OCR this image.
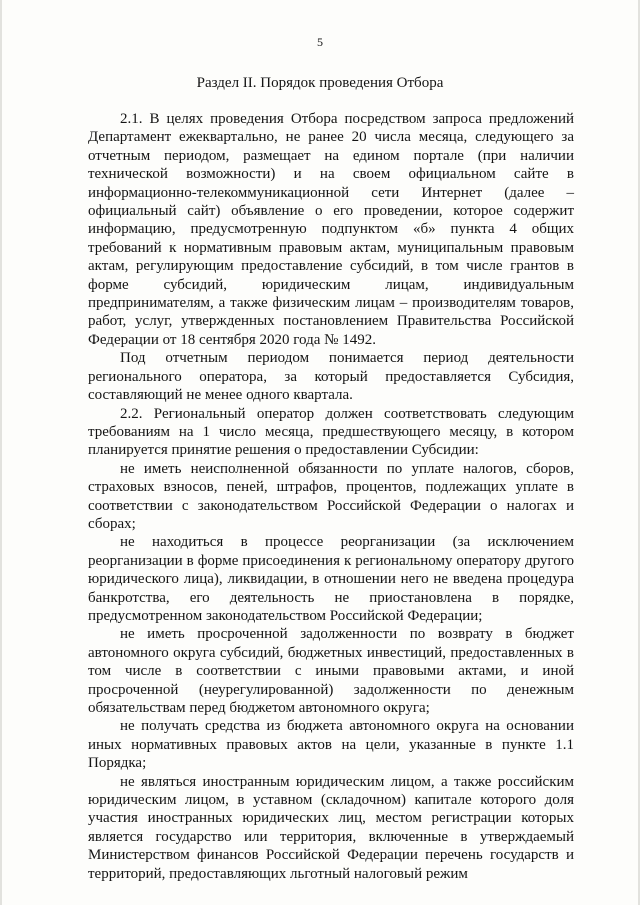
5
Раздел II. Порядок проведения Отбора

2.1. В целях проведения Отбора посредством запроса предложений Департамент ежеквартально, не ранее 20 числа месяца, следующего за отчетным периодом, размещает на едином портале (при наличии технической возможности) и на своем официальном сайте в информационно-телекоммуникационной сети Интернет (далее – официальный сайт) объявление о его проведении, которое содержит информацию, предусмотренную подпунктом «б» пункта 4 общих требований к нормативным правовым актам, муниципальным правовым актам, регулирующим предоставление субсидий, в том числе грантов в форме субсидий, юридическим лицам, индивидуальным предпринимателям, а также физическим лицам – производителям товаров, работ, услуг, утвержденных постановлением Правительства Российской Федерации от 18 сентября 2020 года № 1492.

Под отчетным периодом понимается период деятельности регионального оператора, за который предоставляется Субсидия, составляющий не менее одного квартала.

2.2. Региональный оператор должен соответствовать следующим требованиям на 1 число месяца, предшествующего месяцу, в котором планируется принятие решения о предоставлении Субсидии:

не иметь неисполненной обязанности по уплате налогов, сборов, страховых взносов, пеней, штрафов, процентов, подлежащих уплате в соответствии с законодательством Российской Федерации о налогах и сборах;

не находиться в процессе реорганизации (за исключением реорганизации в форме присоединения к региональному оператору другого юридического лица), ликвидации, в отношении него не введена процедура банкротства, его деятельность не приостановлена в порядке, предусмотренном законодательством Российской Федерации;

не иметь просроченной задолженности по возврату в бюджет автономного округа субсидий, бюджетных инвестиций, предоставленных в том числе в соответствии с иными правовыми актами, и иной просроченной (неурегулированной) задолженности по денежным обязательствам перед бюджетом автономного округа;

не получать средства из бюджета автономного округа на основании иных нормативных правовых актов на цели, указанные в пункте 1.1 Порядка;

не являться иностранным юридическим лицом, а также российским юридическим лицом, в уставном (складочном) капитале которого доля участия иностранных юридических лиц, местом регистрации которых является государство или территория, включенные в утверждаемый Министерством финансов Российской Федерации перечень государств и территорий, предоставляющих льготный налоговый режим
